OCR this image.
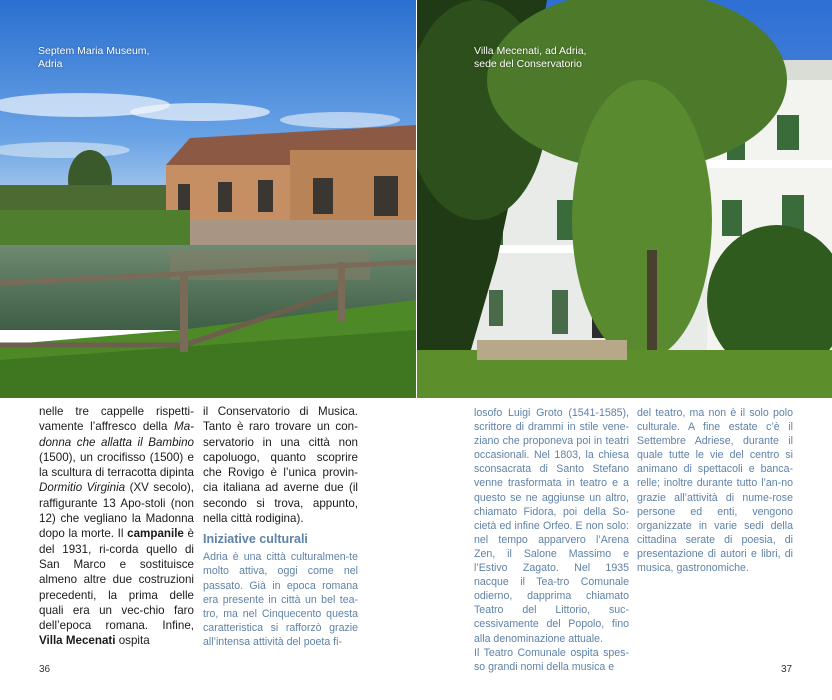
Septem Maria Museum,
Adria
Villa Mecenati, ad Adria,
sede del Conservatorio

nelle tre cappelle rispetti-vamente l’affresco della Ma-donna che allatta il Bambino (1500), un crocifisso (1500) e la scultura di terracotta dipinta Dormitio Virginia (XV secolo), raffigurante 13 Apo-stoli (non 12) che vegliano la Madonna dopo la morte. Il campanile è del 1931, ri-corda quello di San Marco e sostituisce almeno altre due costruzioni precedenti, la prima delle quali era un vec-chio faro dell’epoca romana. Infine, Villa Mecenati ospita

il Conservatorio di Musica. Tanto è raro trovare un con-servatorio in una città non capoluogo, quanto scoprire che Rovigo è l’unica provin-cia italiana ad averne due (il secondo si trova, appunto, nella città rodigina).

Iniziative culturali

Adria è una città culturalmen-te molto attiva, oggi come nel passato. Già in epoca romana era presente in città un bel tea-tro, ma nel Cinquecento questa caratteristica si rafforzò grazie all’intensa attività del poeta fi-

losofo Luigi Groto (1541-1585), scrittore di drammi in stile vene-ziano che proponeva poi in teatri occasionali. Nel 1803, la chiesa sconsacrata di Santo Stefano venne trasformata in teatro e a questo se ne aggiunse un altro, chiamato Fidora, poi della So-cietà ed infine Orfeo. E non solo: nel tempo apparvero l’Arena Zen, il Salone Massimo e l’Estivo Zagato. Nel 1935 nacque il Tea-tro Comunale odierno, dapprima chiamato Teatro del Littorio, suc-cessivamente del Popolo, fino alla denominazione attuale.

Il Teatro Comunale ospita spes-so grandi nomi della musica e

del teatro, ma non è il solo polo culturale. A fine estate c’è il Settembre Adriese, durante il quale tutte le vie del centro si animano di spettacoli e banca-relle; inoltre durante tutto l’an-no grazie all’attività di nume-rose persone ed enti, vengono organizzate in varie sedi della cittadina serate di poesia, di presentazione di autori e libri, di musica, gastronomiche.

36	37
